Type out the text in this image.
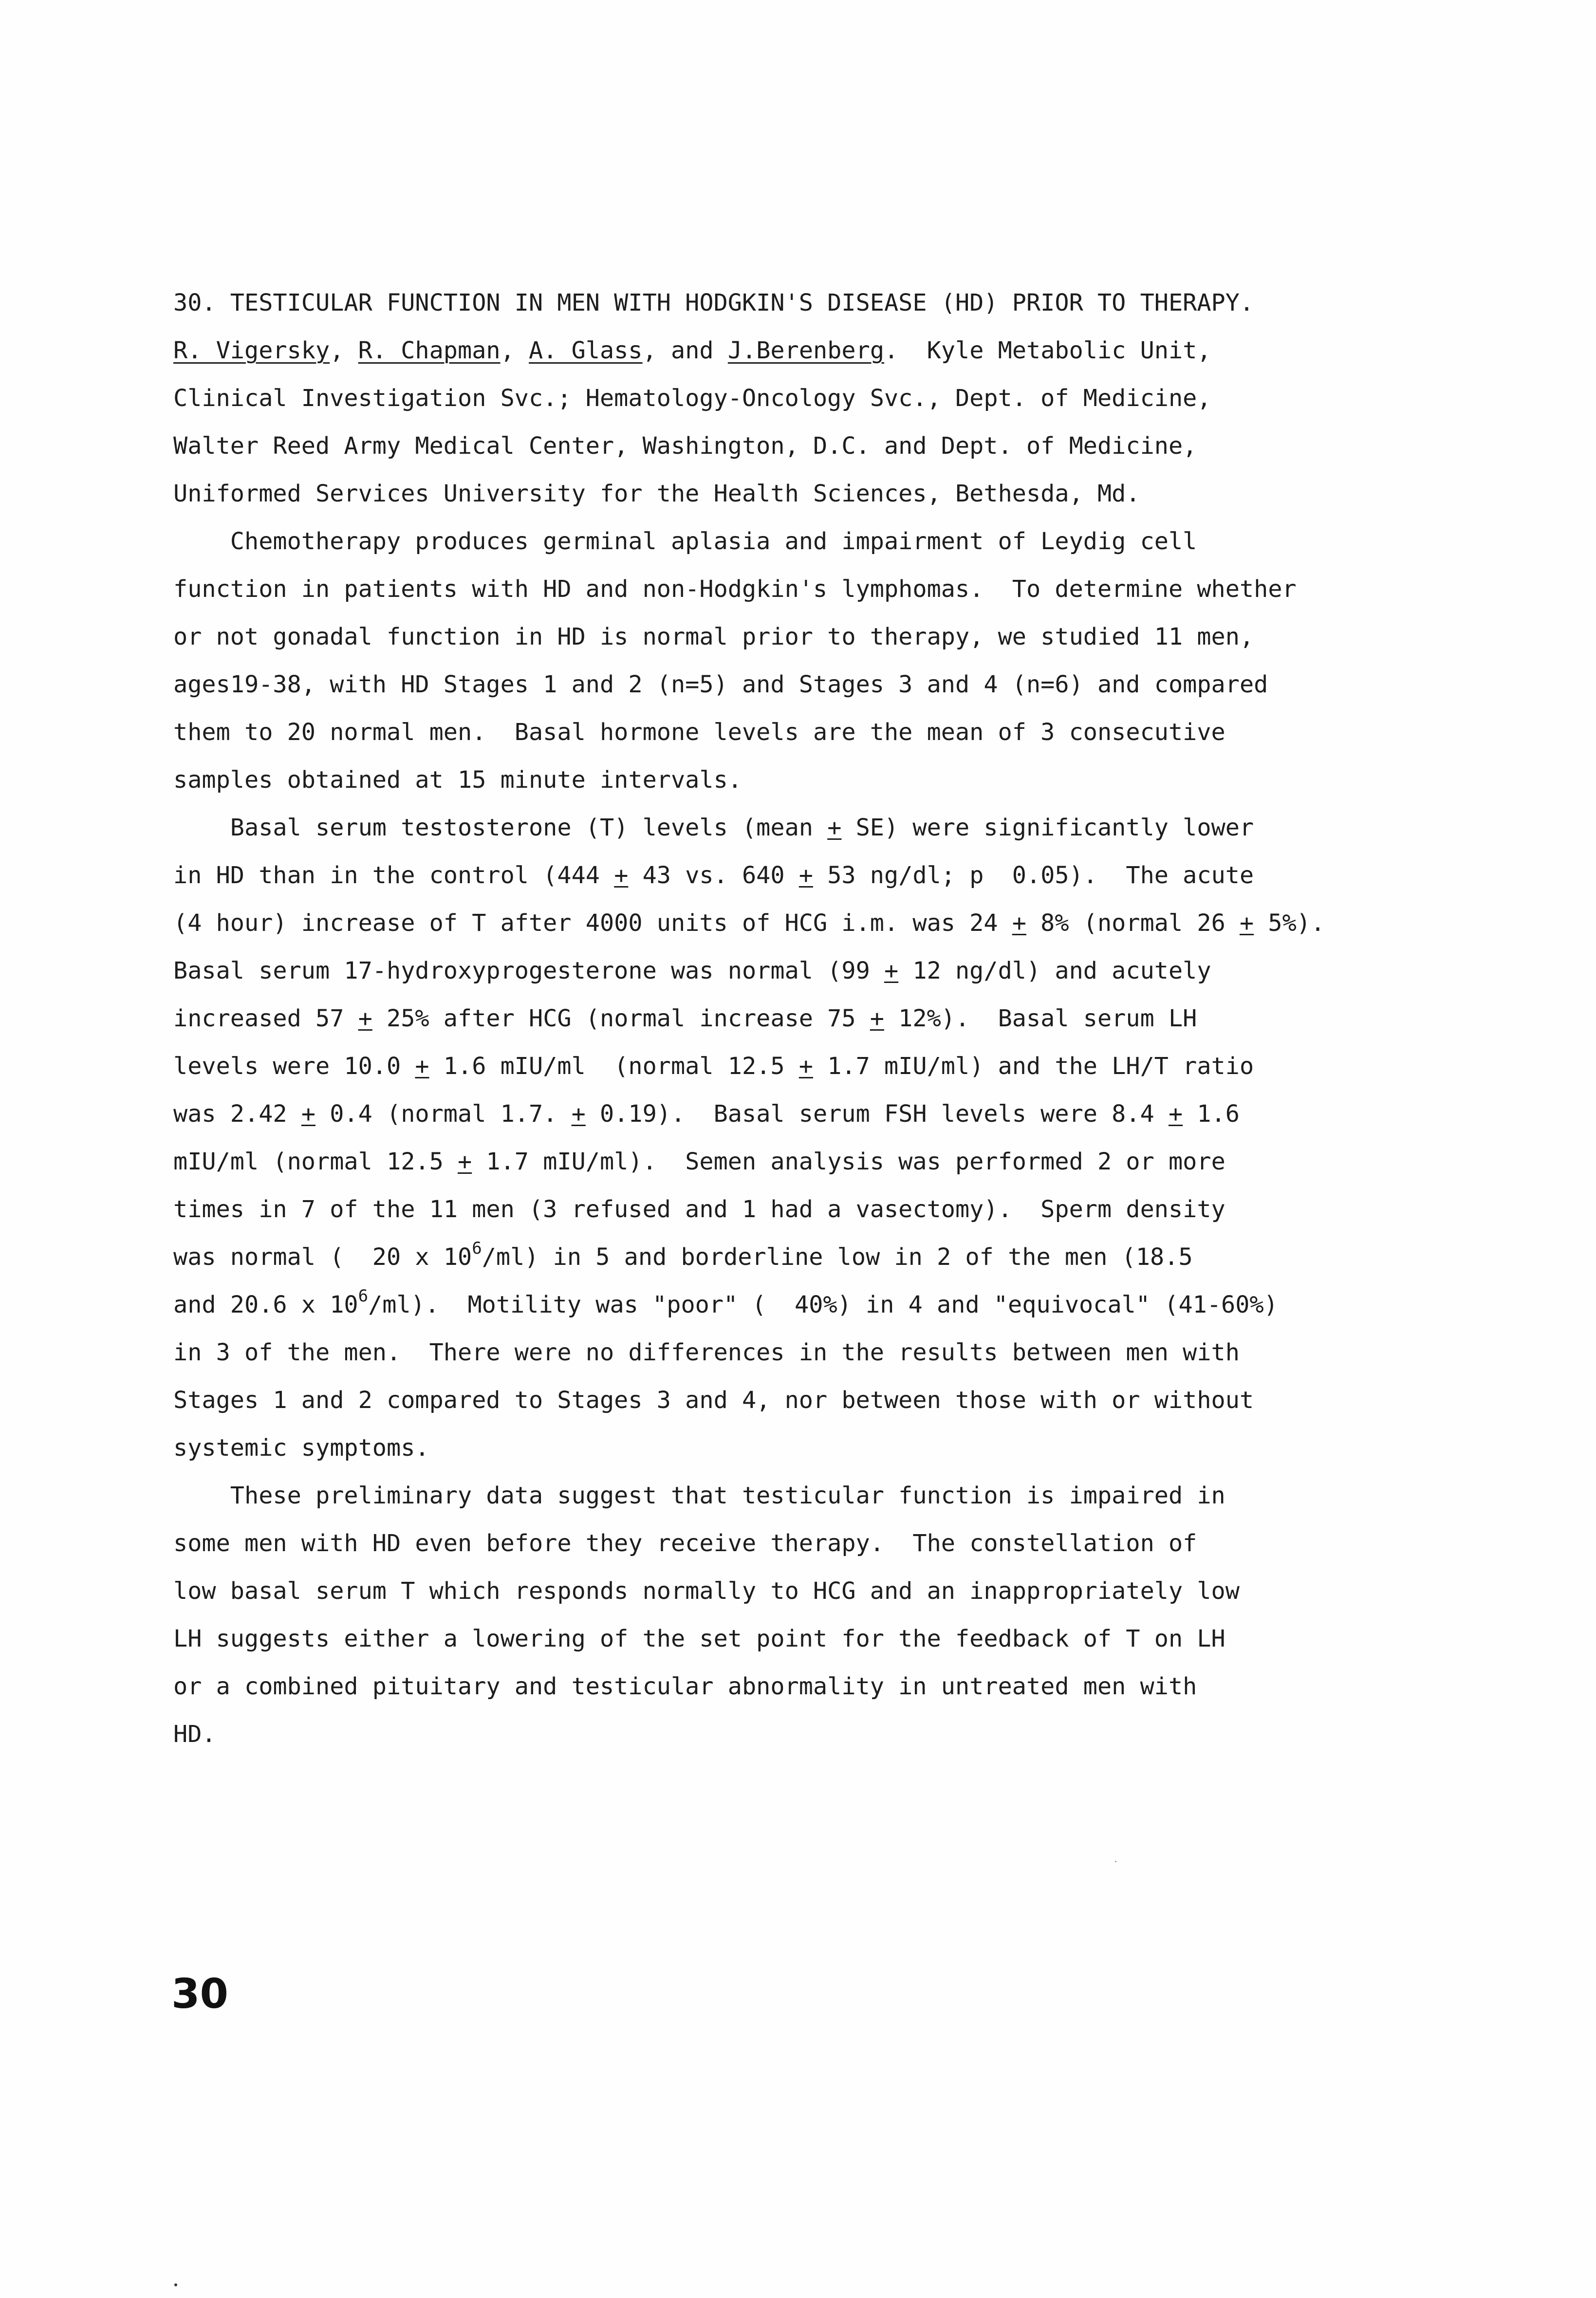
30. TESTICULAR FUNCTION IN MEN WITH HODGKIN'S DISEASE (HD) PRIOR TO THERAPY.

R. Vigersky, R. Chapman, A. Glass, and J.Berenberg.  Kyle Metabolic Unit,

Clinical Investigation Svc.; Hematology-Oncology Svc., Dept. of Medicine,

Walter Reed Army Medical Center, Washington, D.C. and Dept. of Medicine,

Uniformed Services University for the Health Sciences, Bethesda, Md.

Chemotherapy produces germinal aplasia and impairment of Leydig cell

function in patients with HD and non-Hodgkin's lymphomas.  To determine whether

or not gonadal function in HD is normal prior to therapy, we studied 11 men,

ages19-38, with HD Stages 1 and 2 (n=5) and Stages 3 and 4 (n=6) and compared

them to 20 normal men.  Basal hormone levels are the mean of 3 consecutive

samples obtained at 15 minute intervals.

Basal serum testosterone (T) levels (mean + SE) were significantly lower

in HD than in the control (444 + 43 vs. 640 + 53 ng/dl; p  0.05).  The acute

(4 hour) increase of T after 4000 units of HCG i.m. was 24 + 8% (normal 26 + 5%).

Basal serum 17-hydroxyprogesterone was normal (99 + 12 ng/dl) and acutely

increased 57 + 25% after HCG (normal increase 75 + 12%).  Basal serum LH

levels were 10.0 + 1.6 mIU/ml  (normal 12.5 + 1.7 mIU/ml) and the LH/T ratio

was 2.42 + 0.4 (normal 1.7. + 0.19).  Basal serum FSH levels were 8.4 + 1.6

mIU/ml (normal 12.5 + 1.7 mIU/ml).  Semen analysis was performed 2 or more

times in 7 of the 11 men (3 refused and 1 had a vasectomy).  Sperm density

was normal (  20 x $10^6/ml$) in 5 and borderline low in 2 of the men (18.5

and 20.6 x $10^6/ml$).  Motility was "poor" (  40%) in 4 and "equivocal" (41-60%)

in 3 of the men.  There were no differences in the results between men with

Stages 1 and 2 compared to Stages 3 and 4, nor between those with or without

systemic symptoms.

These preliminary data suggest that testicular function is impaired in

some men with HD even before they receive therapy.  The constellation of

low basal serum T which responds normally to HCG and an inappropriately low

LH suggests either a lowering of the set point for the feedback of T on LH

or a combined pituitary and testicular abnormality in untreated men with

HD.

30
